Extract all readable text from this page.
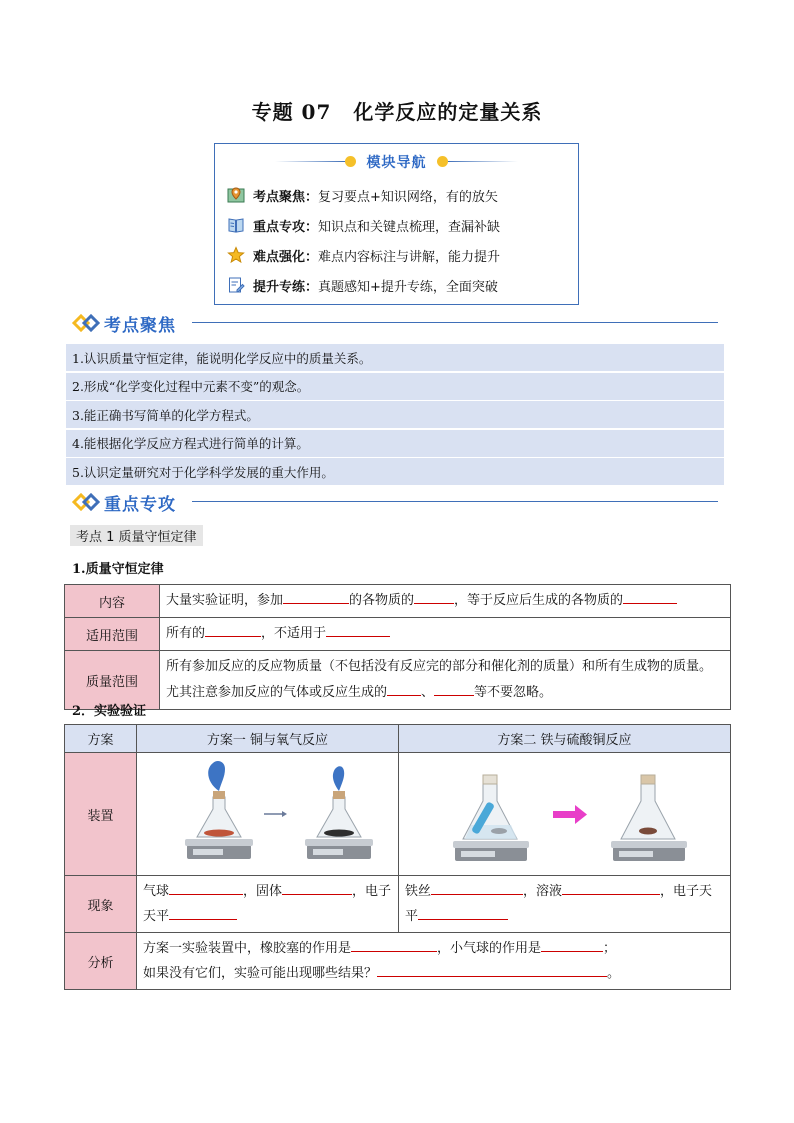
专题 07 化学反应的定量关系
模块导航
考点聚焦： 复习要点+知识网络，有的放矢
重点专攻： 知识点和关键点梳理，查漏补缺
难点强化： 难点内容标注与讲解，能力提升
提升专练： 真题感知+提升专练，全面突破
考点聚焦
1.认识质量守恒定律，能说明化学反应中的质量关系。
2.形成“化学变化过程中元素不变”的观念。
3.能正确书写简单的化学方程式。
4.能根据化学反应方程式进行简单的计算。
5.认识定量研究对于化学科学发展的重大作用。
重点专攻
考点 1 质量守恒定律
1.质量守恒定律
内容	大量实验证明，参加 的各物质的 ，等于反应后生成的各物质的
适用范围	所有的 ，不适用于
质量范围	所有参加反应的反应物质量（不包括没有反应完的部分和催化剂的质量）和所有生成物的质量。尤其注意参加反应的气体或反应生成的 、 等不要忽略。
2．实验验证
方案	方案一 铜与氧气反应	方案二 铁与硫酸铜反应
装置		
现象	气球 ，固体 ，电子天平	铁丝 ，溶液 ，电子天平
分析	方案一实验装置中，橡胶塞的作用是 ，小气球的作用是 ；
如果没有它们，实验可能出现哪些结果？ 。	
